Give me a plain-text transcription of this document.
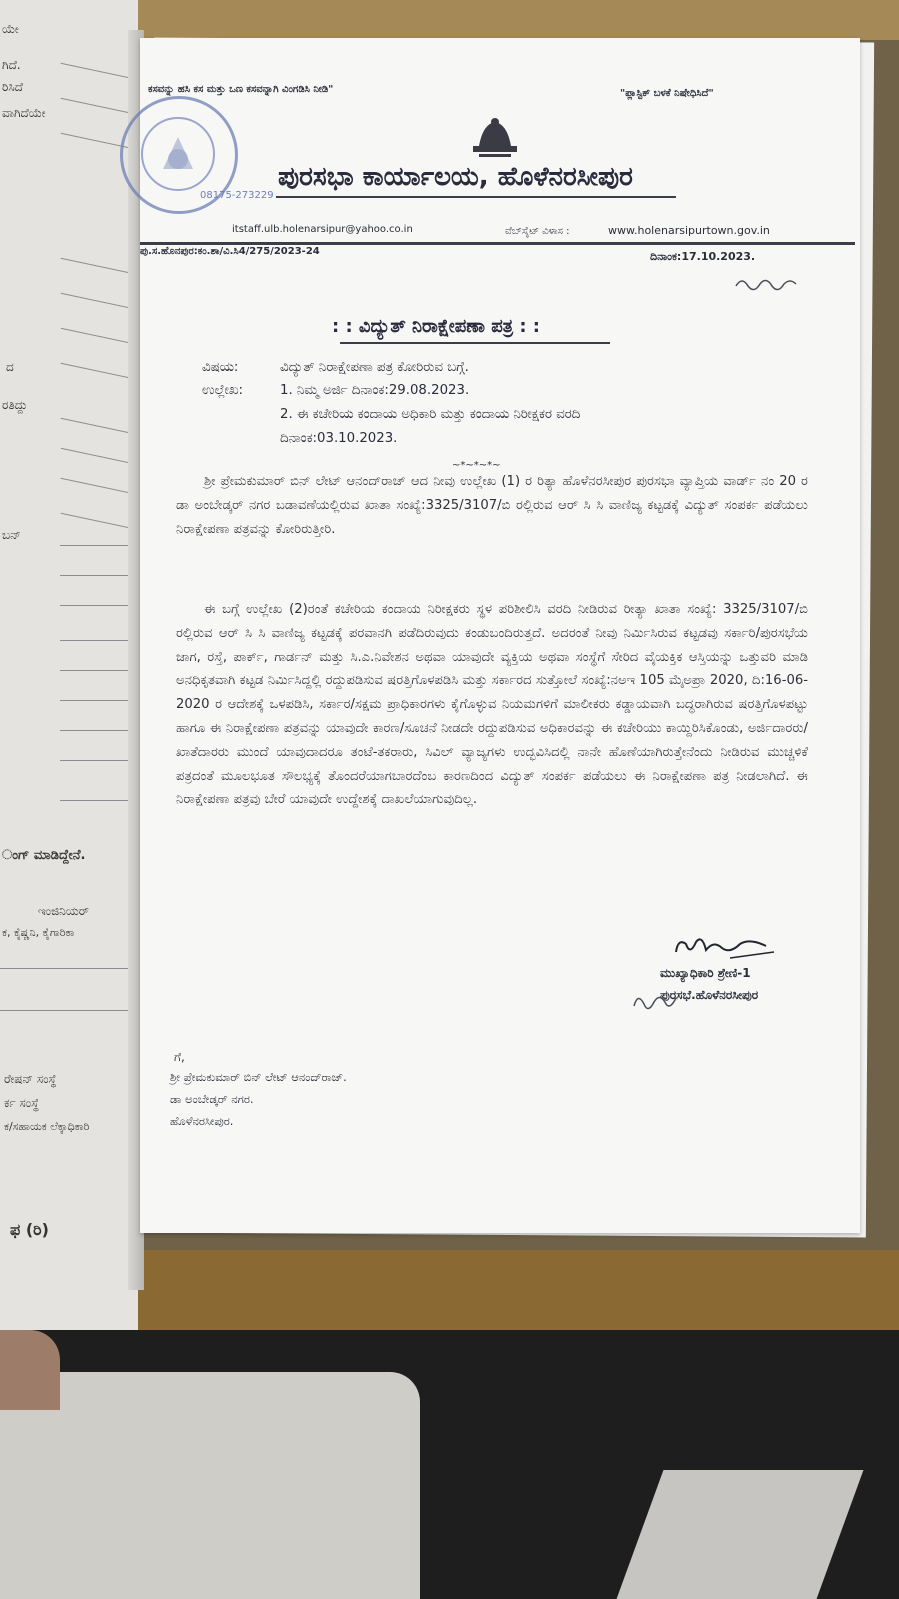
ಯೇ
ಗಿದೆ.
ರಿಸಿದೆ
ವಾಗಿದೆಯೇ
ದ
ರತಿದ್ದು
ಬನ್
ಂಗ್ ಮಾಡಿದ್ದೇನೆ.
ಇಂಜಿನಿಯರ್
ಕ, ಕೈಷ್ಣನಿ, ಕೈಗಾರಿಕಾ
ರೇಷನ್ ಸಂಸ್ಥೆ
ರ್ಕ ಸಂಸ್ಥೆ
ಕ/ಸಹಾಯಕ ಲೆಕ್ಕಾಧಿಕಾರಿ
ಫ (ರಿ)
ಕಸವನ್ನು ಹಸಿ ಕಸ ಮತ್ತು ಒಣ ಕಸವನ್ನಾಗಿ ವಿಂಗಡಿಸಿ ನೀಡಿ"	"ಪ್ಲಾಸ್ಟಿಕ್ ಬಳಕೆ ನಿಷೇಧಿಸಿದೆ"
ಪುರಸಭಾ ಕಾರ್ಯಾಲಯ, ಹೊಳೆನರಸೀಪುರ
08175-273229
itstaff.ulb.holenarsipur@yahoo.co.in	ವೆಬ್‌ಸೈಟ್ ವಿಳಾಸ :	www.holenarsipurtown.gov.in
ಪು.ಸ.ಹೊನಪುರ:ಕಂ.ಶಾ/ವಿ.ಸಿ4/275/2023-24	ದಿನಾಂಕ:17.10.2023.
: : ವಿದ್ಯುತ್ ನಿರಾಕ್ಷೇಪಣಾ ಪತ್ರ : :
ವಿಷಯ:	ವಿದ್ಯುತ್ ನಿರಾಕ್ಷೇಪಣಾ ಪತ್ರ ಕೋರಿರುವ ಬಗ್ಗೆ.
ಉಲ್ಲೇಖ:	1. ನಿಮ್ಮ ಅರ್ಜಿ ದಿನಾಂಕ:29.08.2023.
2. ಈ ಕಚೇರಿಯ ಕಂದಾಯ ಅಧಿಕಾರಿ ಮತ್ತು ಕಂದಾಯ ನಿರೀಕ್ಷಕರ ವರದಿ
ದಿನಾಂಕ:03.10.2023.
~*~*~*~

ಶ್ರೀ ಪ್ರೇಮಕುಮಾರ್ ಬಿನ್ ಲೇಟ್ ಆನಂದ್‌ರಾಜ್ ಆದ ನೀವು ಉಲ್ಲೇಖ (1) ರ ರಿತ್ಯಾ ಹೊಳೆನರಸೀಪುರ ಪುರಸಭಾ ವ್ಯಾಪ್ತಿಯ ವಾರ್ಡ್ ನಂ 20 ರ ಡಾ ಅಂಬೇಡ್ಕರ್ ನಗರ ಬಡಾವಣೆಯಲ್ಲಿರುವ ಖಾತಾ ಸಂಖ್ಯೆ:3325/3107/ಬಿ ರಲ್ಲಿರುವ ಆರ್ ಸಿ ಸಿ ವಾಣಿಜ್ಯ ಕಟ್ಟಡಕ್ಕೆ ವಿದ್ಯುತ್ ಸಂಪರ್ಕ ಪಡೆಯಲು ನಿರಾಕ್ಷೇಪಣಾ ಪತ್ರವನ್ನು ಕೋರಿರುತ್ತೀರಿ.

ಈ ಬಗ್ಗೆ ಉಲ್ಲೇಖ (2)ರಂತೆ ಕಚೇರಿಯ ಕಂದಾಯ ನಿರೀಕ್ಷಕರು ಸ್ಥಳ ಪರಿಶೀಲಿಸಿ ವರದಿ ನೀಡಿರುವ ರೀತ್ಯಾ ಖಾತಾ ಸಂಖ್ಯೆ: 3325/3107/ಬಿ ರಲ್ಲಿರುವ ಆರ್ ಸಿ ಸಿ ವಾಣಿಜ್ಯ ಕಟ್ಟಡಕ್ಕೆ ಪರವಾನಗಿ ಪಡೆದಿರುವುದು ಕಂಡುಬಂದಿರುತ್ತದೆ. ಅದರಂತೆ ನೀವು ನಿರ್ಮಿಸಿರುವ ಕಟ್ಟಡವು ಸರ್ಕಾರಿ/ಪುರಸಭೆಯ ಜಾಗ, ರಸ್ತೆ, ಪಾರ್ಕ್, ಗಾರ್ಡನ್ ಮತ್ತು ಸಿ.ಎ.ನಿವೇಶನ ಅಥವಾ ಯಾವುದೇ ವ್ಯಕ್ತಿಯ ಅಥವಾ ಸಂಸ್ಥೆಗೆ ಸೇರಿದ ವೈಯಕ್ತಿಕ ಆಸ್ತಿಯನ್ನು ಒತ್ತುವರಿ ಮಾಡಿ ಅನಧಿಕೃತವಾಗಿ ಕಟ್ಟಡ ನಿರ್ಮಿಸಿದ್ದಲ್ಲಿ ರದ್ದುಪಡಿಸುವ ಷರತ್ತಿಗೊಳಪಡಿಸಿ ಮತ್ತು ಸರ್ಕಾರದ ಸುತ್ತೋಲೆ ಸಂಖ್ಯೆ:ನಅಇ 105 ಮೈಅಪ್ರಾ 2020, ದಿ:16-06-2020 ರ ಆದೇಶಕ್ಕೆ ಒಳಪಡಿಸಿ, ಸರ್ಕಾರ/ಸಕ್ಷಮ ಪ್ರಾಧಿಕಾರಗಳು ಕೈಗೊಳ್ಳುವ ನಿಯಮಗಳಿಗೆ ಮಾಲೀಕರು ಕಡ್ಡಾಯವಾಗಿ ಬದ್ಧರಾಗಿರುವ ಷರತ್ತಿಗೊಳಪಟ್ಟು ಹಾಗೂ ಈ ನಿರಾಕ್ಷೇಪಣಾ ಪತ್ರವನ್ನು ಯಾವುದೇ ಕಾರಣ/ಸೂಚನೆ ನೀಡದೇ ರದ್ದುಪಡಿಸುವ ಅಧಿಕಾರವನ್ನು ಈ ಕಚೇರಿಯು ಕಾಯ್ದಿರಿಸಿಕೊಂಡು, ಅರ್ಜಿದಾರರು/ಖಾತೆದಾರರು ಮುಂದೆ ಯಾವುದಾದರೂ ತಂಟೆ-ತಕರಾರು, ಸಿವಿಲ್ ವ್ಯಾಜ್ಯಗಳು ಉದ್ಭವಿಸಿದಲ್ಲಿ ನಾನೇ ಹೊಣೆಯಾಗಿರುತ್ತೇನೆಂದು ನೀಡಿರುವ ಮುಚ್ಚಳಿಕೆ ಪತ್ರದಂತೆ ಮೂಲಭೂತ ಸೌಲಭ್ಯಕ್ಕೆ ತೊಂದರೆಯಾಗಬಾರದೆಂಬ ಕಾರಣದಿಂದ ವಿದ್ಯುತ್ ಸಂಪರ್ಕ ಪಡೆಯಲು ಈ ನಿರಾಕ್ಷೇಪಣಾ ಪತ್ರ ನೀಡಲಾಗಿದೆ. ಈ ನಿರಾಕ್ಷೇಪಣಾ ಪತ್ರವು ಬೇರೆ ಯಾವುದೇ ಉದ್ದೇಶಕ್ಕೆ ದಾಖಲೆಯಾಗುವುದಿಲ್ಲ.

ಮುಖ್ಯಾಧಿಕಾರಿ ಶ್ರೇಣಿ-1
ಪುರಸಭೆ.ಹೊಳೆನರಸೀಪುರ
ಗೆ,
ಶ್ರೀ ಪ್ರೇಮಕುಮಾರ್ ಬಿನ್ ಲೇಟ್ ಆನಂದ್‌ರಾಜ್.
ಡಾ ಅಂಬೇಡ್ಕರ್ ನಗರ.
ಹೊಳೆನರಸೀಪುರ.
